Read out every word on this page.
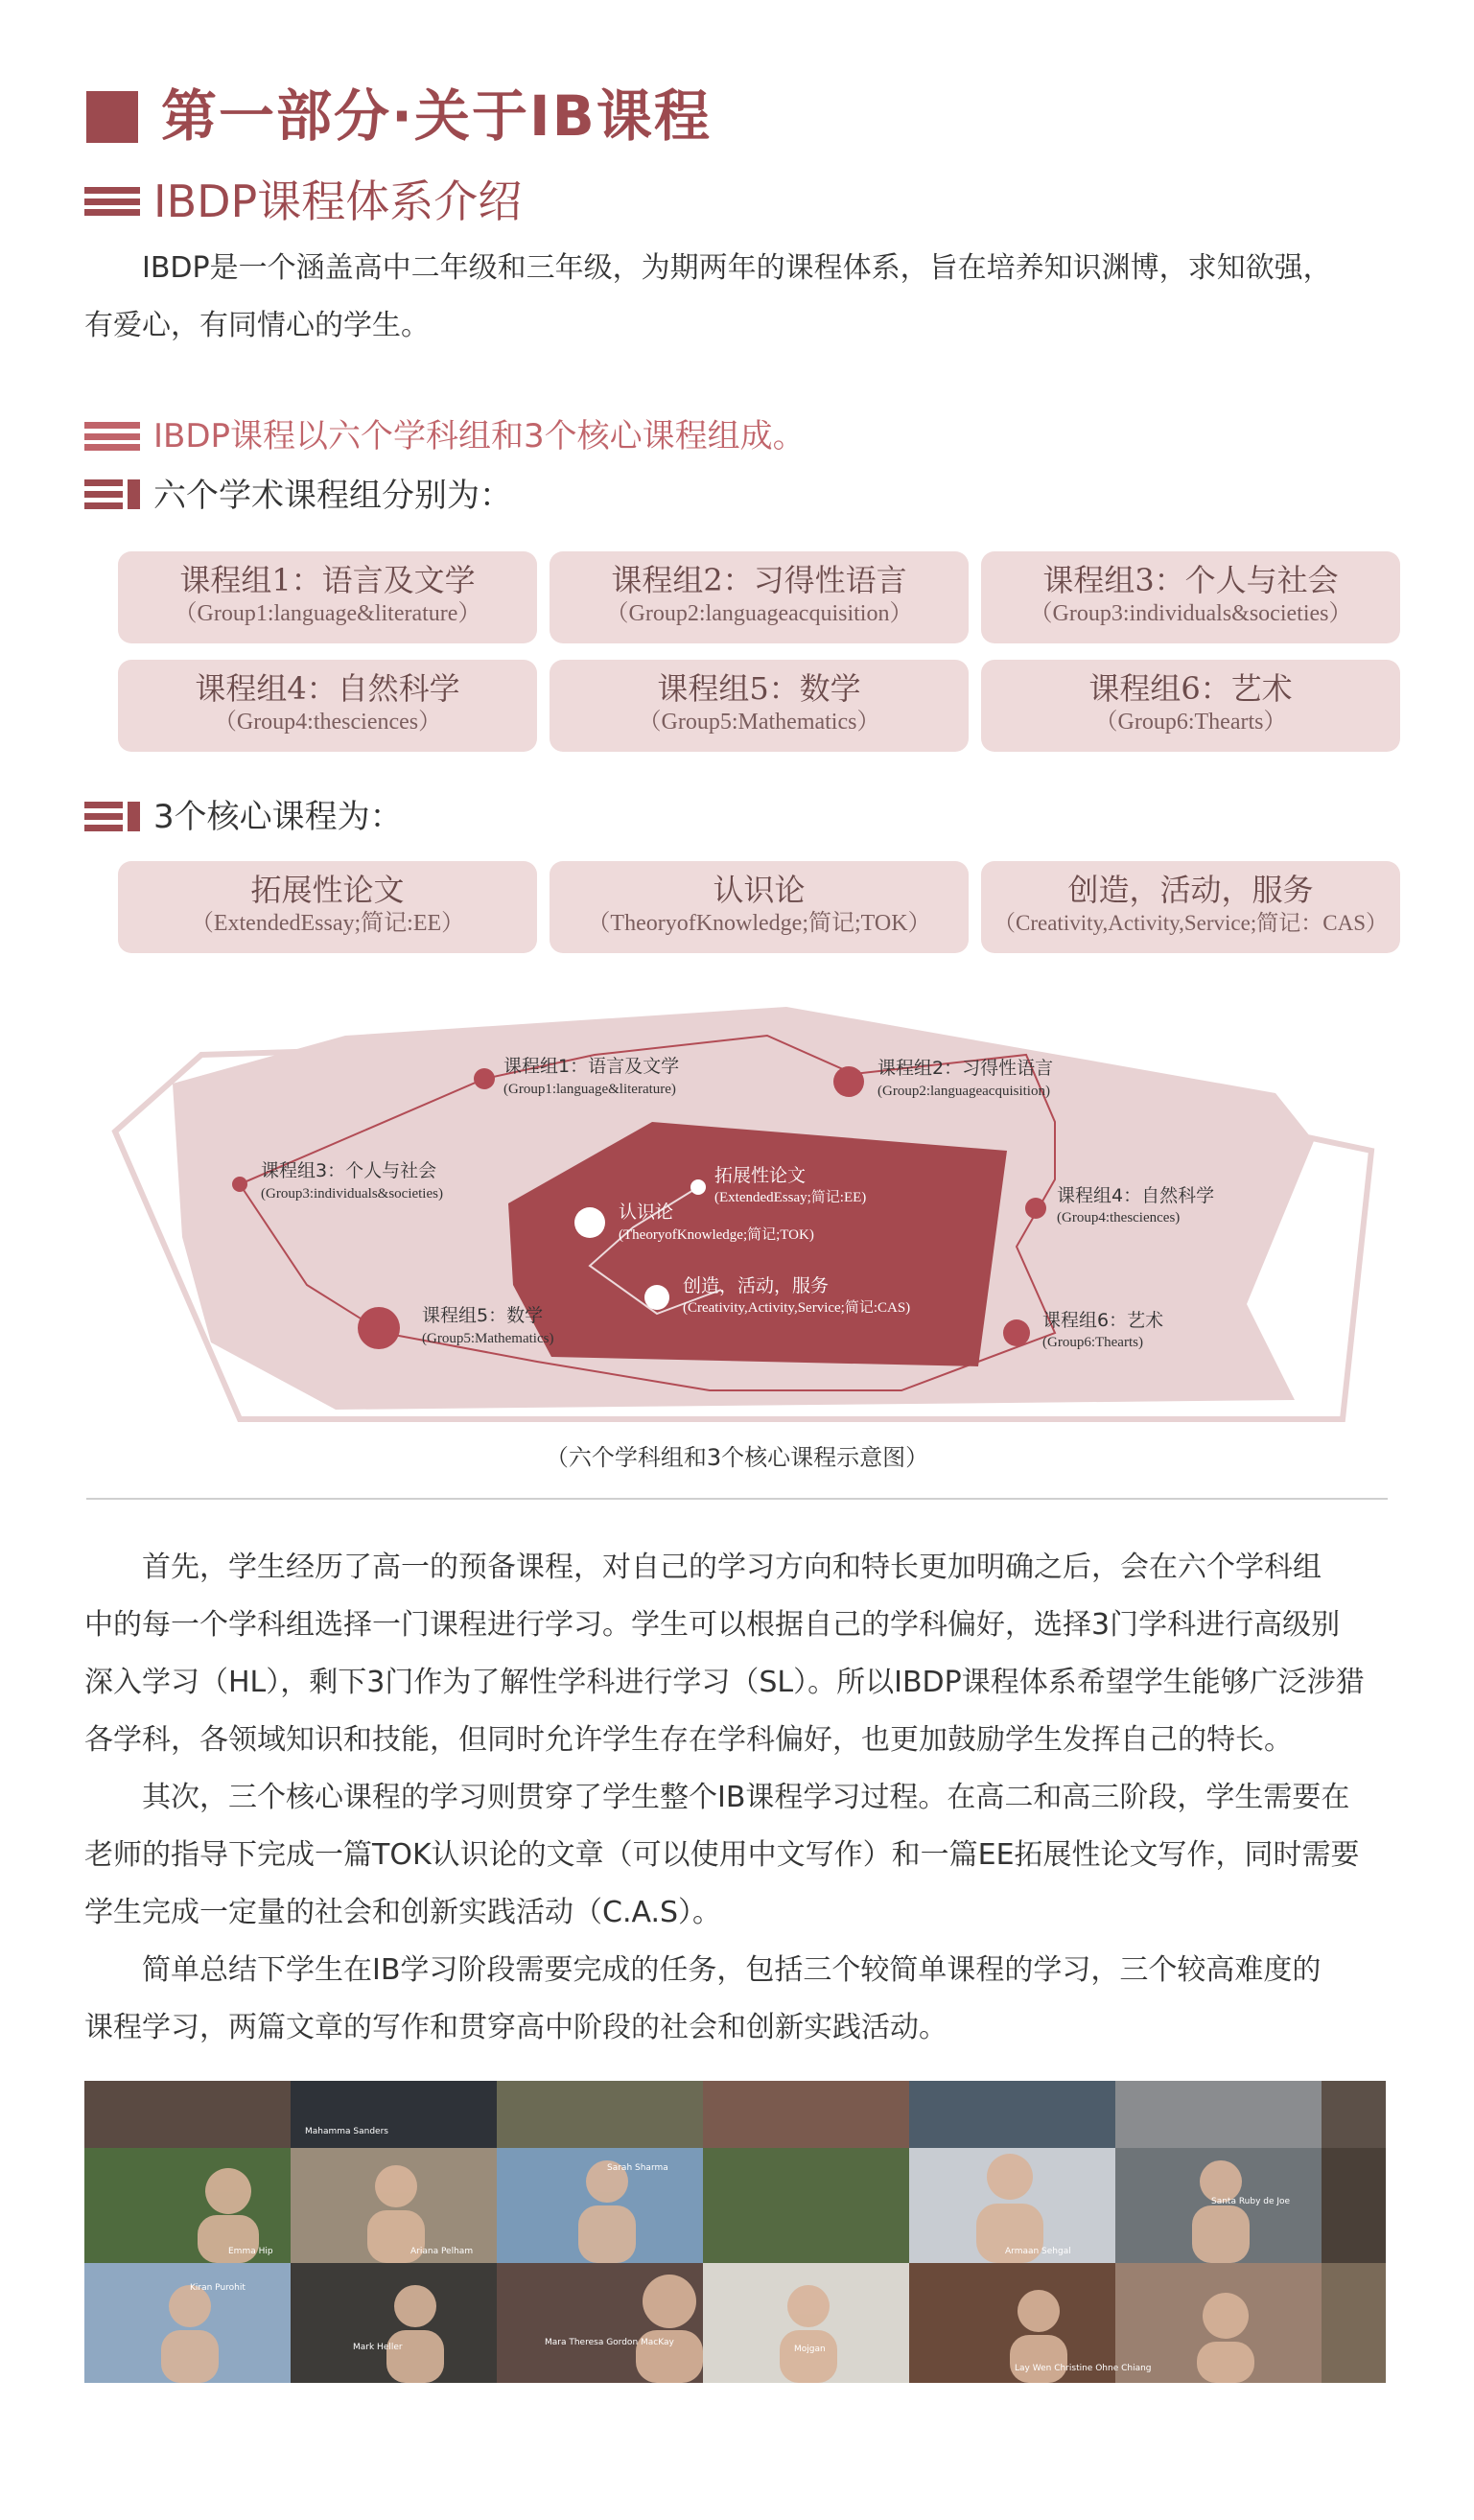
第一部分·关于IB课程
IBDP课程体系介绍
IBDP是一个涵盖高中二年级和三年级，为期两年的课程体系，旨在培养知识渊博，求知欲强，
有爱心，有同情心的学生。
IBDP课程以六个学科组和3个核心课程组成。
六个学术课程组分别为：
课程组1：语言及文学
（Group1:language&literature）
课程组2：习得性语言
（Group2:languageacquisition）
课程组3：个人与社会
（Group3:individuals&societies）
课程组4：自然科学
（Group4:thesciences）
课程组5：数学
（Group5:Mathematics）
课程组6：艺术
（Group6:Thearts）
3个核心课程为：
拓展性论文
（ExtendedEssay;简记:EE）
认识论
（TheoryofKnowledge;简记;TOK）
创造，活动，服务
（Creativity,Activity,Service;简记：CAS）
课程组1：语言及文学
(Group1:language&literature)
课程组2：习得性语言
(Group2:languageacquisition)
课程组3：个人与社会
(Group3:individuals&societies)	课程组4：自然科学
(Group4:thesciences)
课程组5：数学
(Group5:Mathematics)
课程组6：艺术
(Group6:Thearts)
拓展性论文
(ExtendedEssay;简记:EE)
认识论
(TheoryofKnowledge;简记;TOK)
创造，活动，服务
(Creativity,Activity,Service;简记:CAS)
（六个学科组和3个核心课程示意图）
首先，学生经历了高一的预备课程，对自己的学习方向和特长更加明确之后，会在六个学科组
中的每一个学科组选择一门课程进行学习。学生可以根据自己的学科偏好，选择3门学科进行高级别
深入学习（HL），剩下3门作为了解性学科进行学习（SL）。所以IBDP课程体系希望学生能够广泛涉猎
各学科，各领域知识和技能，但同时允许学生存在学科偏好，也更加鼓励学生发挥自己的特长。
其次，三个核心课程的学习则贯穿了学生整个IB课程学习过程。在高二和高三阶段，学生需要在
老师的指导下完成一篇TOK认识论的文章（可以使用中文写作）和一篇EE拓展性论文写作，同时需要
学生完成一定量的社会和创新实践活动（C.A.S）。
简单总结下学生在IB学习阶段需要完成的任务，包括三个较简单课程的学习，三个较高难度的
课程学习，两篇文章的写作和贯穿高中阶段的社会和创新实践活动。
Mahamma Sanders
Emma Hip	Ariana Pelham
Sarah Sharma
Armaan Sehgal
Santa Ruby de Joe
Kiran Purohit
Mark Heller	Mara Theresa Gordon MacKay
Mojgan
Lay Wen Christine Ohne Chiang
